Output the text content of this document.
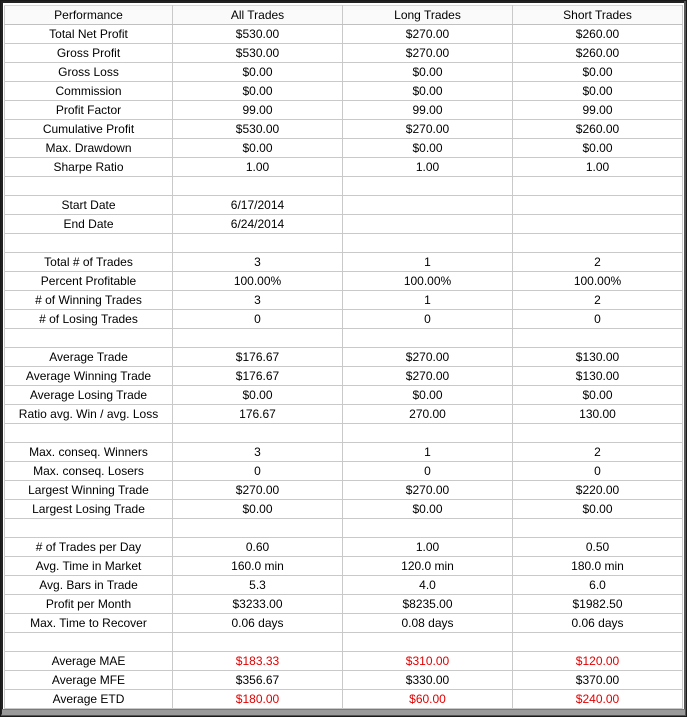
Performance	All Trades	Long Trades	Short Trades
Total Net Profit	$530.00	$270.00	$260.00
Gross Profit	$530.00	$270.00	$260.00
Gross Loss	$0.00	$0.00	$0.00
Commission	$0.00	$0.00	$0.00
Profit Factor	99.00	99.00	99.00
Cumulative Profit	$530.00	$270.00	$260.00
Max. Drawdown	$0.00	$0.00	$0.00
Sharpe Ratio	1.00	1.00	1.00

Start Date	6/17/2014		
End Date	6/24/2014		

Total # of Trades	3	1	2
Percent Profitable	100.00%	100.00%	100.00%
# of Winning Trades	3	1	2
# of Losing Trades	0	0	0

Average Trade	$176.67	$270.00	$130.00
Average Winning Trade	$176.67	$270.00	$130.00
Average Losing Trade	$0.00	$0.00	$0.00
Ratio avg. Win / avg. Loss	176.67	270.00	130.00

Max. conseq. Winners	3	1	2
Max. conseq. Losers	0	0	0
Largest Winning Trade	$270.00	$270.00	$220.00
Largest Losing Trade	$0.00	$0.00	$0.00

# of Trades per Day	0.60	1.00	0.50
Avg. Time in Market	160.0 min	120.0 min	180.0 min
Avg. Bars in Trade	5.3	4.0	6.0
Profit per Month	$3233.00	$8235.00	$1982.50
Max. Time to Recover	0.06 days	0.08 days	0.06 days

Average MAE	$183.33	$310.00	$120.00
Average MFE	$356.67	$330.00	$370.00
Average ETD	$180.00	$60.00	$240.00
